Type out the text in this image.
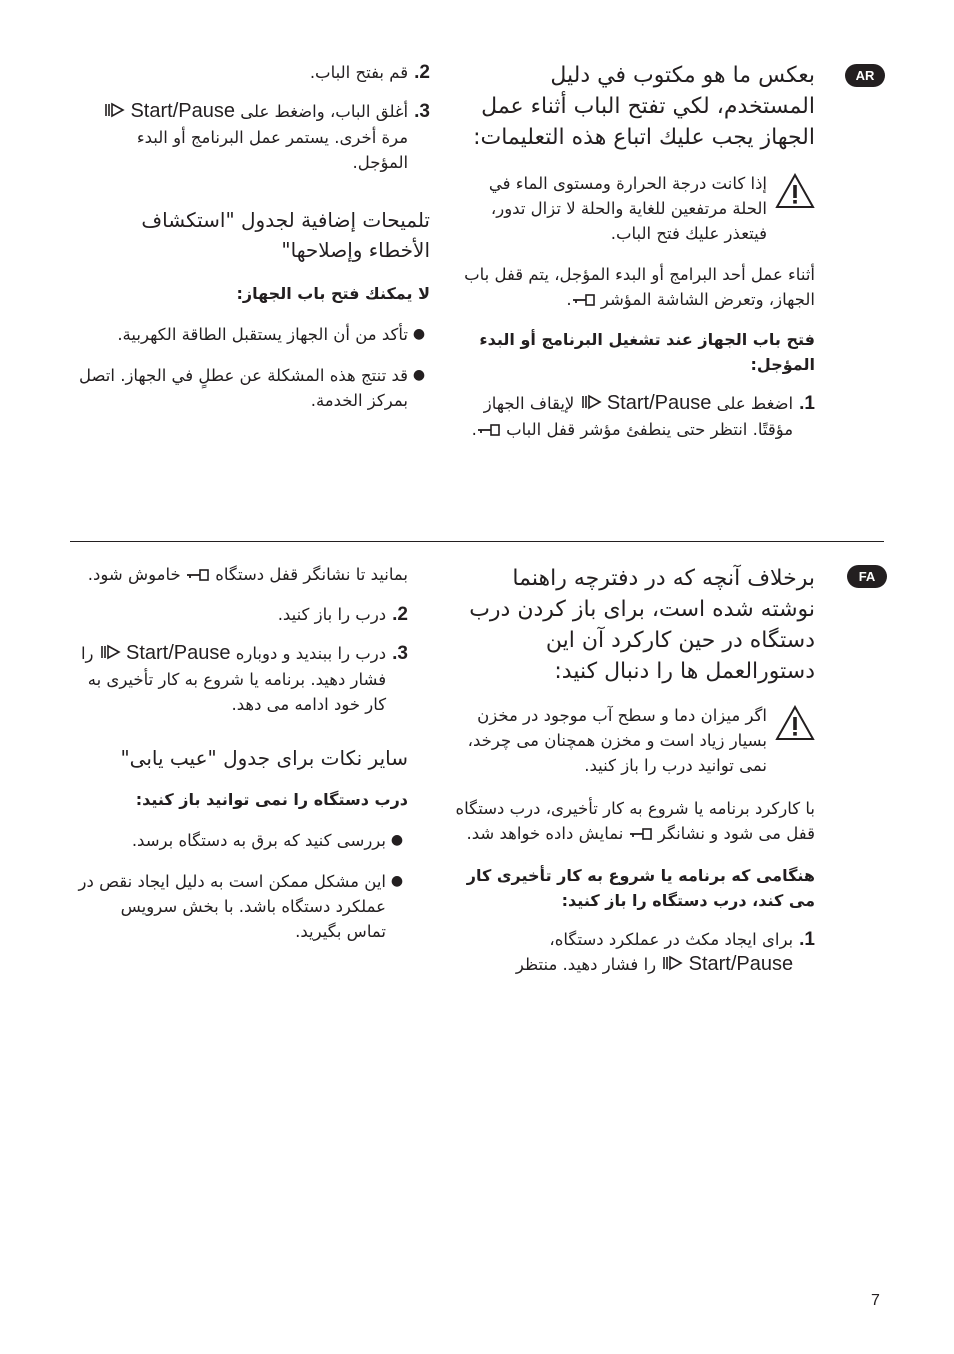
AR
FA

بعكس ما هو مكتوب في دليل المستخدم، لكي تفتح الباب أثناء عمل الجهاز يجب عليك اتباع هذه التعليمات:

إذا كانت درجة الحرارة ومستوى الماء في الحلة مرتفعين للغاية والحلة لا تزال تدور، فيتعذر عليك فتح الباب.

أثناء عمل أحد البرامج أو البدء المؤجل، يتم قفل باب الجهاز، وتعرض الشاشة المؤشر .

فتح باب الجهاز عند تشغيل البرنامج أو البدء المؤجل:

1.
اضغط على Start/Pause  لإيقاف الجهاز مؤقتًا. انتظر حتى ينطفئ مؤشر قفل الباب .
2.
قم بفتح الباب.
3.
أغلق الباب، واضغط على Start/Pause  مرة أخرى. يستمر عمل البرنامج أو البدء المؤجل.

تلميحات إضافية لجدول "استكشاف الأخطاء وإصلاحها"

لا يمكنك فتح باب الجهاز:

●
تأكد من أن الجهاز يستقبل الطاقة الكهربية.
●
قد تنتج هذه المشكلة عن عطلٍ في الجهاز. اتصل بمركز الخدمة.

برخلاف آنچه که در دفترچه راهنما نوشته شده است، برای باز کردن درب دستگاه در حین کارکرد آن این دستورالعمل ها را دنبال کنید:

اگر میزان دما و سطح آب موجود در مخزن بسیار زیاد است و مخزن همچنان می چرخد، نمی توانید درب را باز کنید.

با کارکرد برنامه یا شروع به کار تأخیری، درب دستگاه قفل می شود و نشانگر  نمایش داده خواهد شد.

هنگامی که برنامه یا شروع به کار تأخیری کار می کند، درب دستگاه را باز کنید:

1.
برای ایجاد مکث در عملکرد دستگاه، Start/Pause  را فشار دهید. منتظر

بمانید تا نشانگر قفل دستگاه  خاموش شود.

2.
درب را باز کنید.
3.
درب را ببندید و دوباره Start/Pause  را فشار دهید. برنامه یا شروع به کار تأخیری به کار خود ادامه می دهد.

سایر نکات برای جدول "عیب یابی"

درب دستگاه را نمی توانید باز کنید:

●
بررسی کنید که برق به دستگاه برسد.
●
این مشکل ممکن است به دلیل ایجاد نقص در عملکرد دستگاه باشد. با بخش سرویس تماس بگیرید.
7
